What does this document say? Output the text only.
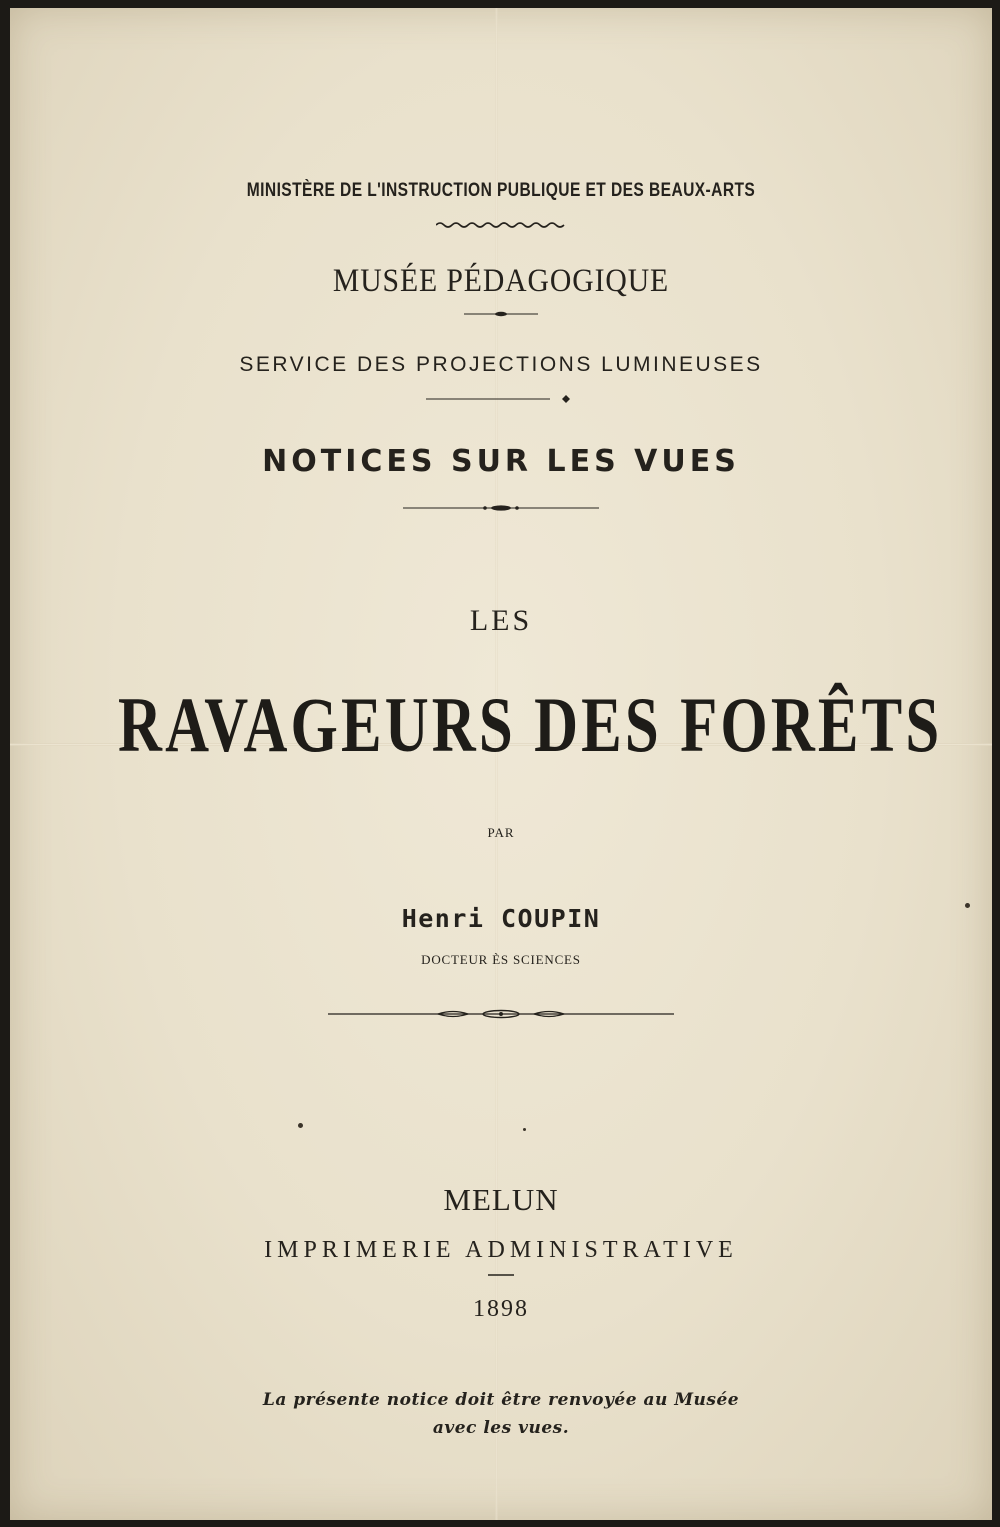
MINISTÈRE DE L'INSTRUCTION PUBLIQUE ET DES BEAUX-ARTS
MUSÉE PÉDAGOGIQUE
SERVICE DES PROJECTIONS LUMINEUSES
NOTICES SUR LES VUES
LES
RAVAGEURS DES FORÊTS
PAR
Henri COUPIN
DOCTEUR ÈS SCIENCES
MELUN
IMPRIMERIE ADMINISTRATIVE
1898
La présente notice doit être renvoyée au Musée
avec les vues.
